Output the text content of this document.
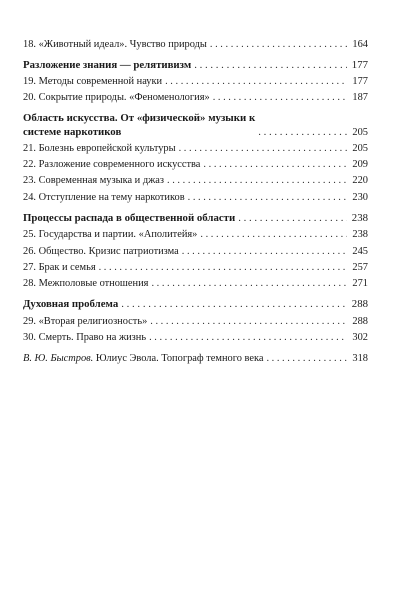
18. «Животный идеал». Чувство природы . . .	164
Разложение знания — релятивизм . . .	177
19. Методы современной науки . . .	177
20. Сокрытие природы. «Феноменология» . . .	187
Область искусства. От «физической» музыки к системе наркотиков . . .	205
21. Болезнь европейской культуры . . .	205
22. Разложение современного искусства . . .	209
23. Современная музыка и джаз . . .	220
24. Отступление на тему наркотиков . . .	230
Процессы распада в общественной области . . .	238
25. Государства и партии. «Аполитейя» . . .	238
26. Общество. Кризис патриотизма . . .	245
27. Брак и семья . . .	257
28. Межполовые отношения . . .	271
Духовная проблема . . .	288
29. «Вторая религиозность» . . .	288
30. Смерть. Право на жизнь . . .	302
В. Ю. Быстров. Юлиус Эвола. Топограф темного века . . .	318
